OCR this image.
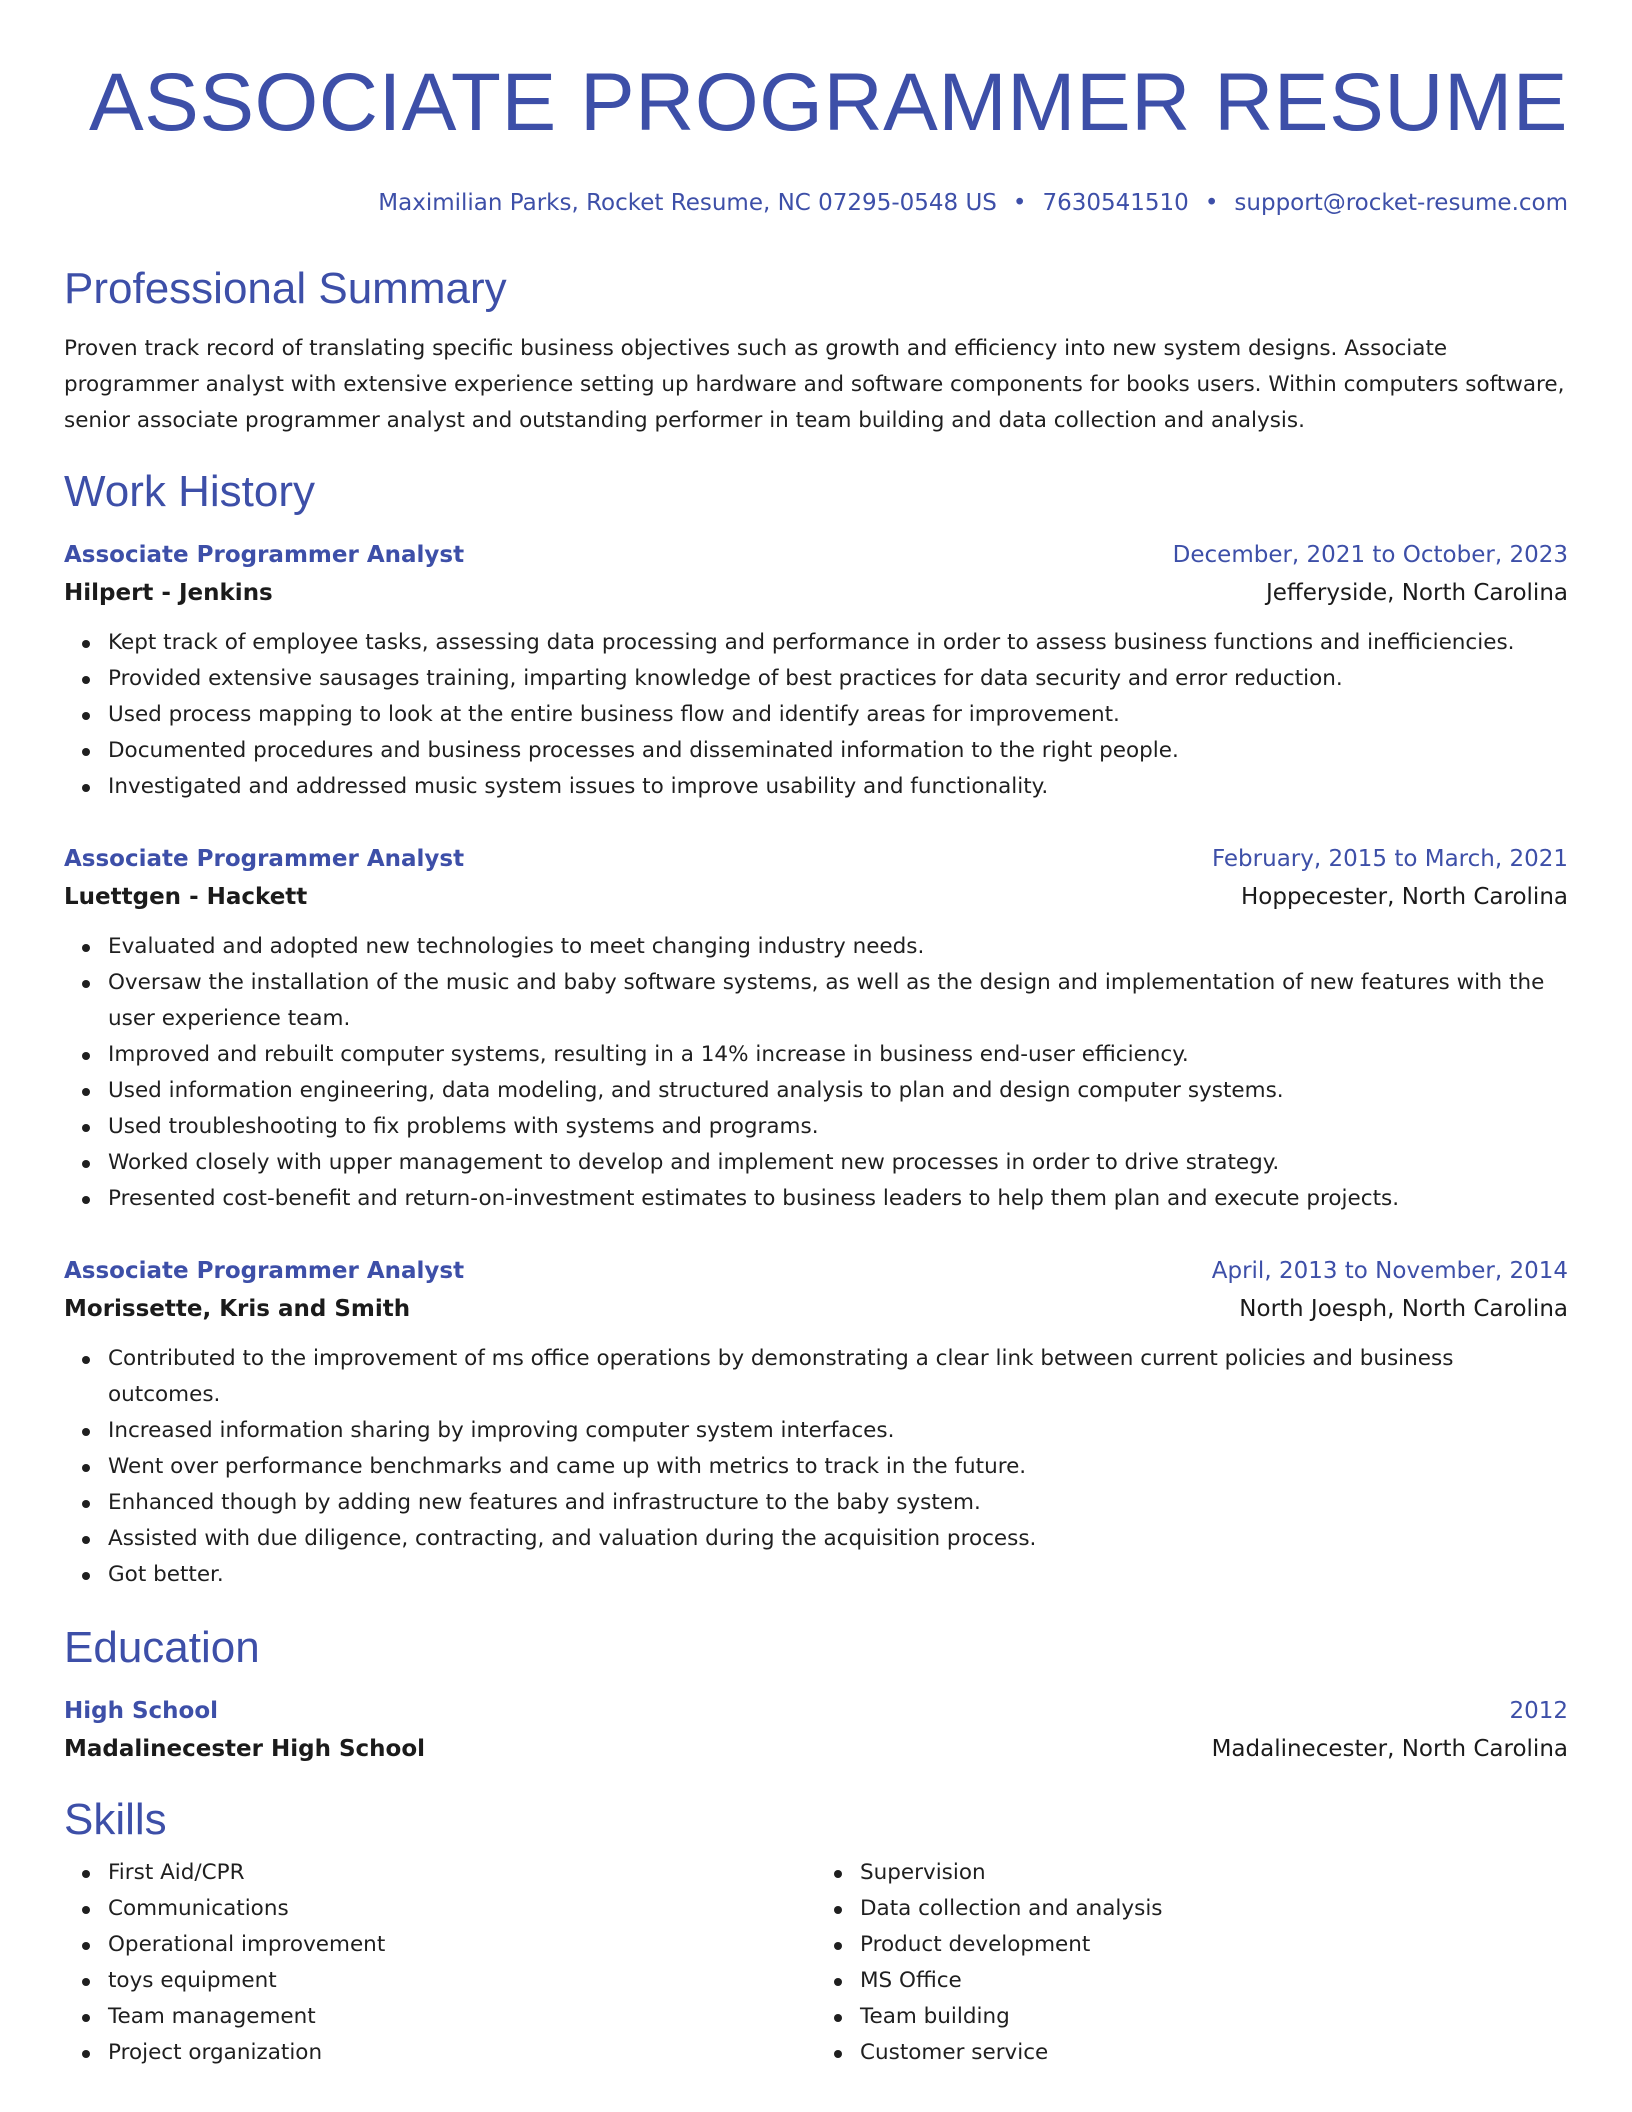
ASSOCIATE PROGRAMMER RESUME
Maximilian Parks, Rocket Resume, NC 07295-0548 US • 7630541510 • support@rocket-resume.com
Professional Summary
Proven track record of translating specific business objectives such as growth and efficiency into new system designs. Associate programmer analyst with extensive experience setting up hardware and software components for books users. Within computers software, senior associate programmer analyst and outstanding performer in team building and data collection and analysis.
Work History
Associate Programmer Analyst	December, 2021 to October, 2023
Hilpert - Jenkins	Jefferyside, North Carolina
Kept track of employee tasks, assessing data processing and performance in order to assess business functions and inefficiencies.
Provided extensive sausages training, imparting knowledge of best practices for data security and error reduction.
Used process mapping to look at the entire business flow and identify areas for improvement.
Documented procedures and business processes and disseminated information to the right people.
Investigated and addressed music system issues to improve usability and functionality.
Associate Programmer Analyst	February, 2015 to March, 2021
Luettgen - Hackett	Hoppecester, North Carolina
Evaluated and adopted new technologies to meet changing industry needs.
Oversaw the installation of the music and baby software systems, as well as the design and implementation of new features with the user experience team.
Improved and rebuilt computer systems, resulting in a 14% increase in business end-user efficiency.
Used information engineering, data modeling, and structured analysis to plan and design computer systems.
Used troubleshooting to fix problems with systems and programs.
Worked closely with upper management to develop and implement new processes in order to drive strategy.
Presented cost-benefit and return-on-investment estimates to business leaders to help them plan and execute projects.
Associate Programmer Analyst	April, 2013 to November, 2014
Morissette, Kris and Smith	North Joesph, North Carolina
Contributed to the improvement of ms office operations by demonstrating a clear link between current policies and business outcomes.
Increased information sharing by improving computer system interfaces.
Went over performance benchmarks and came up with metrics to track in the future.
Enhanced though by adding new features and infrastructure to the baby system.
Assisted with due diligence, contracting, and valuation during the acquisition process.
Got better.
Education
High School	2012
Madalinecester High School	Madalinecester, North Carolina
Skills
First Aid/CPR
Communications
Operational improvement
toys equipment
Team management
Project organization
Supervision
Data collection and analysis
Product development
MS Office
Team building
Customer service
